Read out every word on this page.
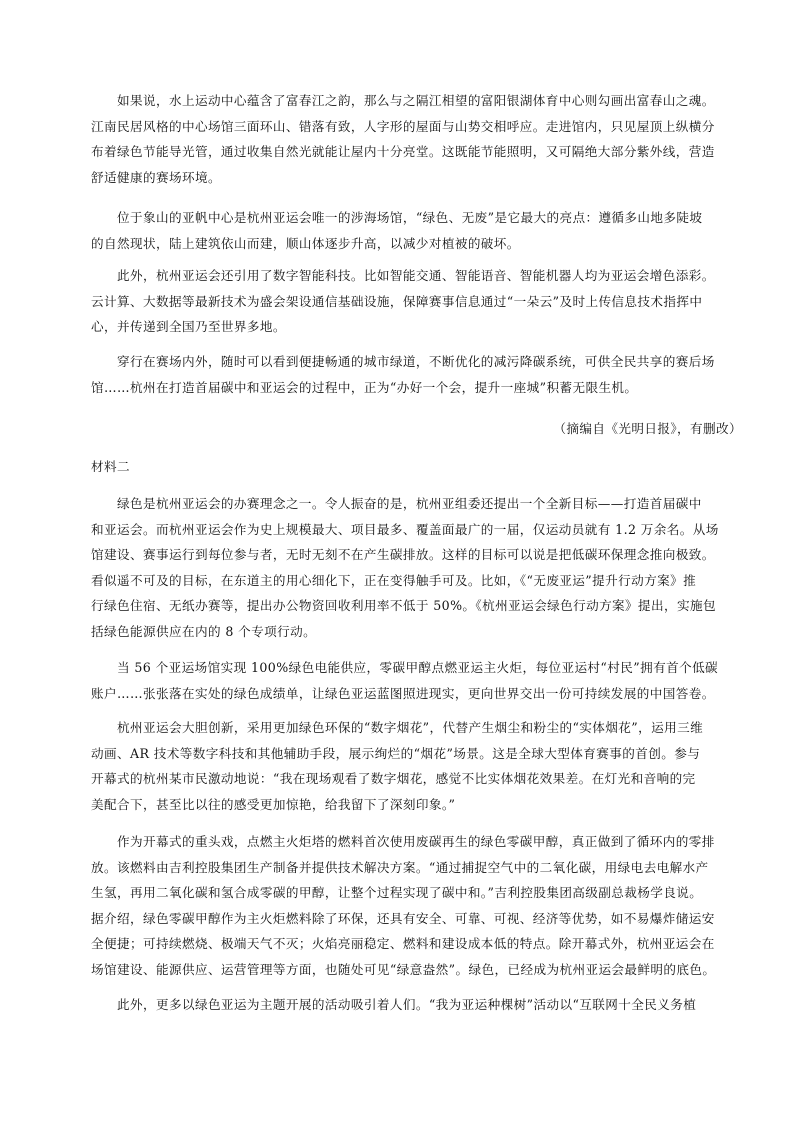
　　如果说，水上运动中心蕴含了富春江之韵，那么与之隔江相望的富阳银湖体育中心则勾画出富春山之魂。
江南民居风格的中心场馆三面环山、错落有致，人字形的屋面与山势交相呼应。走进馆内，只见屋顶上纵横分
布着绿色节能导光管，通过收集自然光就能让屋内十分亮堂。这既能节能照明，又可隔绝大部分紫外线，营造
舒适健康的赛场环境。

　　位于象山的亚帆中心是杭州亚运会唯一的涉海场馆，“绿色、无废”是它最大的亮点：遵循多山地多陡坡
的自然现状，陆上建筑依山而建，顺山体逐步升高，以减少对植被的破坏。

　　此外，杭州亚运会还引用了数字智能科技。比如智能交通、智能语音、智能机器人均为亚运会增色添彩。
云计算、大数据等最新技术为盛会架设通信基础设施，保障赛事信息通过“一朵云”及时上传信息技术指挥中
心，并传递到全国乃至世界多地。

　　穿行在赛场内外，随时可以看到便捷畅通的城市绿道，不断优化的减污降碳系统，可供全民共享的赛后场
馆……杭州在打造首届碳中和亚运会的过程中，正为“办好一个会，提升一座城”积蓄无限生机。

（摘编自《光明日报》，有删改）

材料二

　　绿色是杭州亚运会的办赛理念之一。令人振奋的是，杭州亚组委还提出一个全新目标——打造首届碳中
和亚运会。而杭州亚运会作为史上规模最大、项目最多、覆盖面最广的一届，仅运动员就有 1.2 万余名。从场
馆建设、赛事运行到每位参与者，无时无刻不在产生碳排放。这样的目标可以说是把低碳环保理念推向极致。
看似遥不可及的目标，在东道主的用心细化下，正在变得触手可及。比如，《“无废亚运”提升行动方案》推
行绿色住宿、无纸办赛等，提出办公物资回收利用率不低于 50%。《杭州亚运会绿色行动方案》提出，实施包
括绿色能源供应在内的 8 个专项行动。

　　当 56 个亚运场馆实现 100%绿色电能供应，零碳甲醇点燃亚运主火炬，每位亚运村“村民”拥有首个低碳
账户……张张落在实处的绿色成绩单，让绿色亚运蓝图照进现实，更向世界交出一份可持续发展的中国答卷。

　　杭州亚运会大胆创新，采用更加绿色环保的“数字烟花”，代替产生烟尘和粉尘的“实体烟花”，运用三维
动画、AR 技术等数字科技和其他辅助手段，展示绚烂的“烟花”场景。这是全球大型体育赛事的首创。参与
开幕式的杭州某市民激动地说：“我在现场观看了数字烟花，感觉不比实体烟花效果差。在灯光和音响的完
美配合下，甚至比以往的感受更加惊艳，给我留下了深刻印象。”

　　作为开幕式的重头戏，点燃主火炬塔的燃料首次使用废碳再生的绿色零碳甲醇，真正做到了循环内的零排
放。该燃料由吉利控股集团生产制备并提供技术解决方案。“通过捕捉空气中的二氧化碳，用绿电去电解水产
生氢，再用二氧化碳和氢合成零碳的甲醇，让整个过程实现了碳中和。”吉利控股集团高级副总裁杨学良说。
据介绍，绿色零碳甲醇作为主火炬燃料除了环保，还具有安全、可靠、可视、经济等优势，如不易爆炸储运安
全便捷；可持续燃烧、极端天气不灭；火焰亮丽稳定、燃料和建设成本低的特点。除开幕式外，杭州亚运会在
场馆建设、能源供应、运营管理等方面，也随处可见“绿意盎然”。绿色，已经成为杭州亚运会最鲜明的底色。

　　此外，更多以绿色亚运为主题开展的活动吸引着人们。“我为亚运种棵树”活动以“互联网十全民义务植
